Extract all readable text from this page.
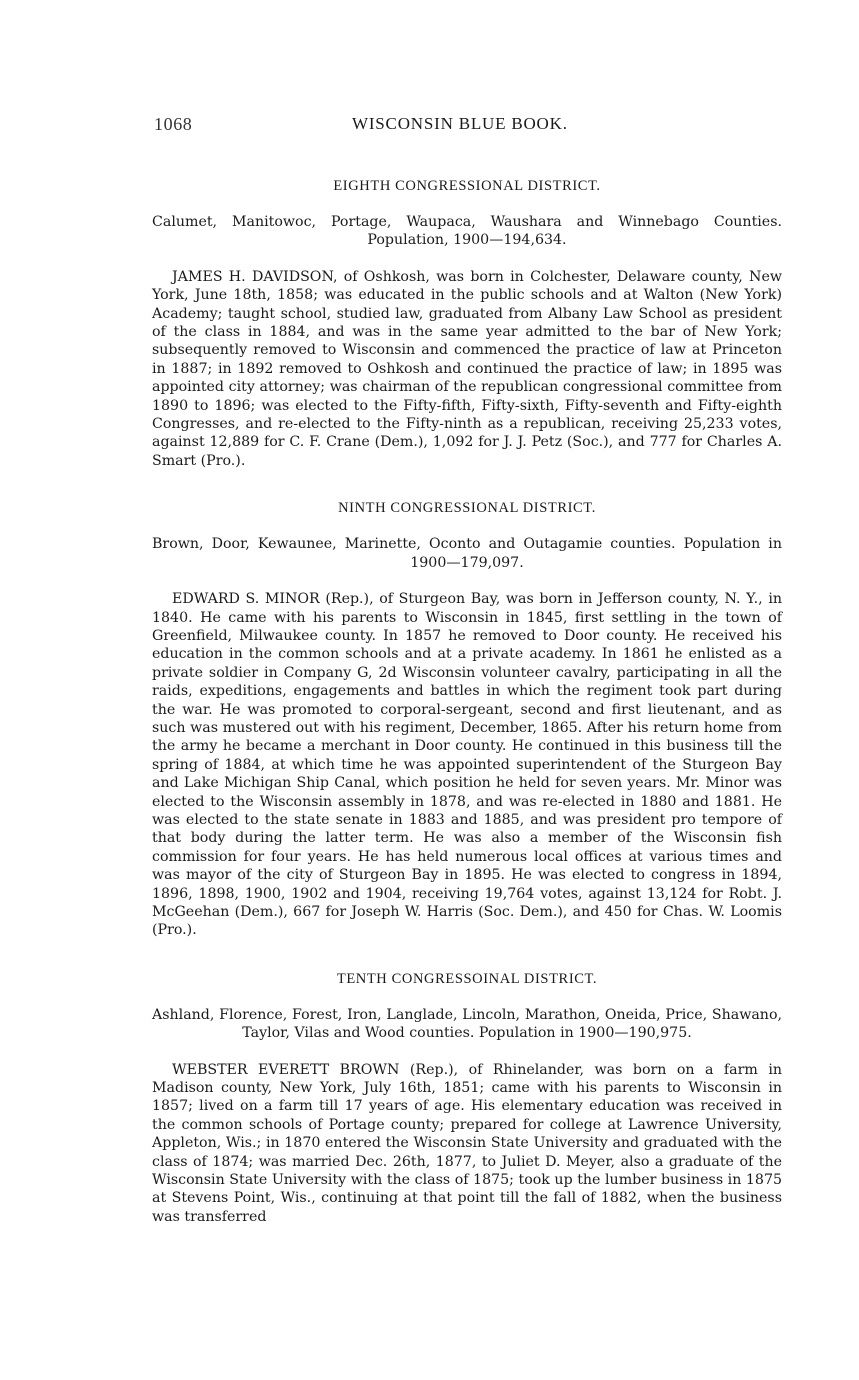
1068	WISCONSIN BLUE BOOK.
EIGHTH CONGRESSIONAL DISTRICT.

Calumet, Manitowoc, Portage, Waupaca, Waushara and Winnebago Counties. Population, 1900—194,634.

JAMES H. DAVIDSON, of Oshkosh, was born in Colchester, Delaware county, New York, June 18th, 1858; was educated in the public schools and at Walton (New York) Academy; taught school, studied law, graduated from Albany Law School as president of the class in 1884, and was in the same year admitted to the bar of New York; subsequently removed to Wisconsin and commenced the practice of law at Princeton in 1887; in 1892 removed to Oshkosh and continued the practice of law; in 1895 was appointed city attorney; was chairman of the republican congressional committee from 1890 to 1896; was elected to the Fifty-fifth, Fifty-sixth, Fifty-seventh and Fifty-eighth Congresses, and re-elected to the Fifty-ninth as a republican, receiving 25,233 votes, against 12,889 for C. F. Crane (Dem.), 1,092 for J. J. Petz (Soc.), and 777 for Charles A. Smart (Pro.).

NINTH CONGRESSIONAL DISTRICT.

Brown, Door, Kewaunee, Marinette, Oconto and Outagamie counties. Population in 1900—179,097.

EDWARD S. MINOR (Rep.), of Sturgeon Bay, was born in Jefferson county, N. Y., in 1840. He came with his parents to Wisconsin in 1845, first settling in the town of Greenfield, Milwaukee county. In 1857 he removed to Door county. He received his education in the common schools and at a private academy. In 1861 he enlisted as a private soldier in Company G, 2d Wisconsin volunteer cavalry, participating in all the raids, expeditions, engagements and battles in which the regiment took part during the war. He was promoted to corporal-sergeant, second and first lieutenant, and as such was mustered out with his regiment, December, 1865. After his return home from the army he became a merchant in Door county. He continued in this business till the spring of 1884, at which time he was appointed superintendent of the Sturgeon Bay and Lake Michigan Ship Canal, which position he held for seven years. Mr. Minor was elected to the Wisconsin assembly in 1878, and was re-elected in 1880 and 1881. He was elected to the state senate in 1883 and 1885, and was president pro tempore of that body during the latter term. He was also a member of the Wisconsin fish commission for four years. He has held numerous local offices at various times and was mayor of the city of Sturgeon Bay in 1895. He was elected to congress in 1894, 1896, 1898, 1900, 1902 and 1904, receiving 19,764 votes, against 13,124 for Robt. J. McGeehan (Dem.), 667 for Joseph W. Harris (Soc. Dem.), and 450 for Chas. W. Loomis (Pro.).

TENTH CONGRESSOINAL DISTRICT.

Ashland, Florence, Forest, Iron, Langlade, Lincoln, Marathon, Oneida, Price, Shawano, Taylor, Vilas and Wood counties. Population in 1900—190,975.

WEBSTER EVERETT BROWN (Rep.), of Rhinelander, was born on a farm in Madison county, New York, July 16th, 1851; came with his parents to Wisconsin in 1857; lived on a farm till 17 years of age. His elementary education was received in the common schools of Portage county; prepared for college at Lawrence University, Appleton, Wis.; in 1870 entered the Wisconsin State University and graduated with the class of 1874; was married Dec. 26th, 1877, to Juliet D. Meyer, also a graduate of the Wisconsin State University with the class of 1875; took up the lumber business in 1875 at Stevens Point, Wis., continuing at that point till the fall of 1882, when the business was transferred
